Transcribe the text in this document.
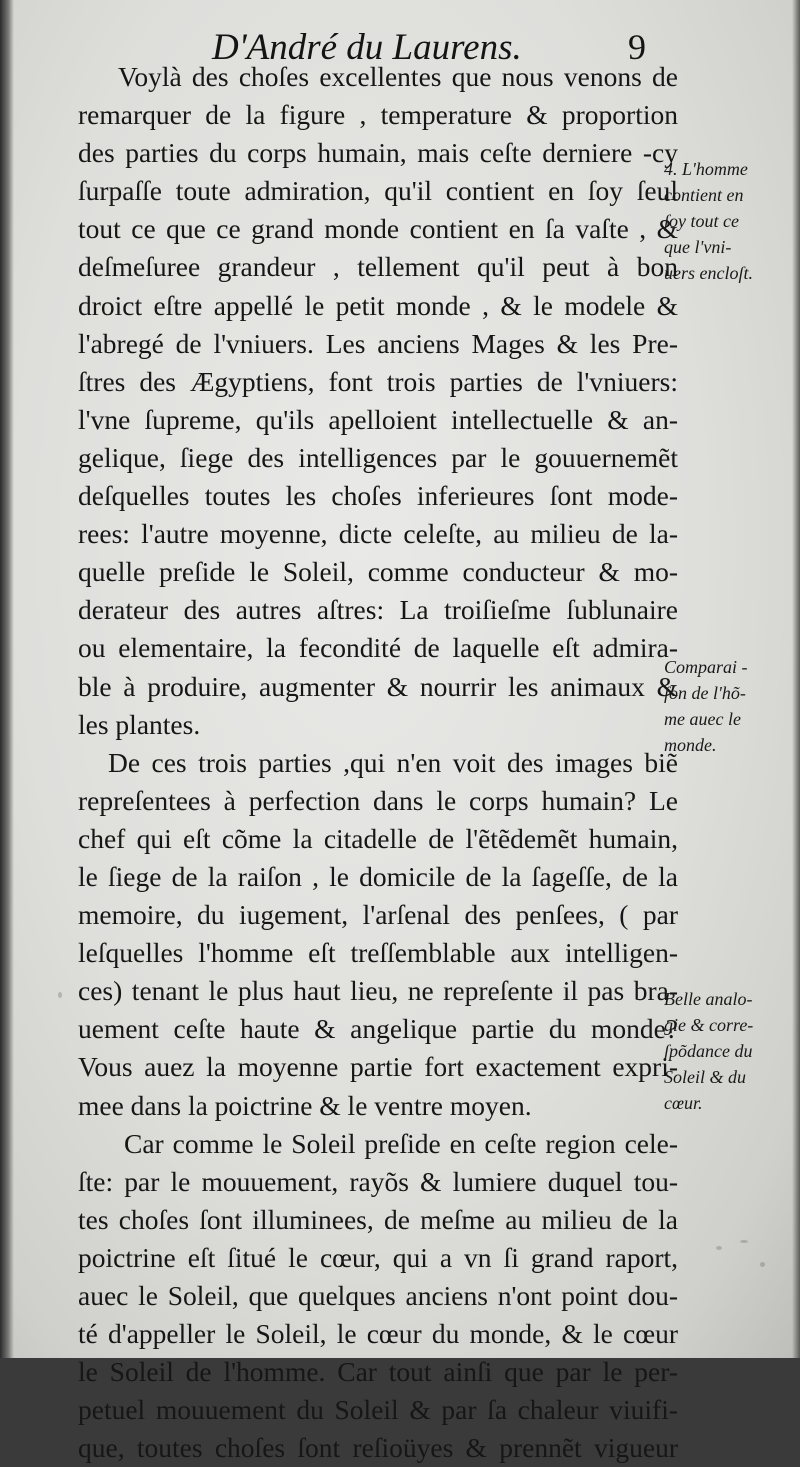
D'André du Laurens.	9
Voylà des choſes excellentes que nous venons de
remarquer de la figure , temperature & proportion
des parties du corps humain, mais ceſte derniere -cy
ſurpaſſe toute admiration, qu'il contient en ſoy ſeul
tout ce que ce grand monde contient en ſa vaſte , &
deſmeſuree grandeur , tellement qu'il peut à bon
droict eſtre appellé le petit monde , & le modele &
l'abregé de l'vniuers. Les anciens Mages & les Pre-
ſtres des Ægyptiens, font trois parties de l'vniuers:
l'vne ſupreme, qu'ils apelloient intellectuelle & an-
gelique, ſiege des intelligences par le gouuernemẽt
deſquelles toutes les choſes inferieures ſont mode-
rees: l'autre moyenne, dicte celeſte, au milieu de la-
quelle preſide le Soleil, comme conducteur & mo-
derateur des autres aſtres: La troiſieſme ſublunaire
ou elementaire, la fecondité de laquelle eſt admira-
ble à produire, augmenter & nourrir les animaux &
les plantes.
De ces trois parties ,qui n'en voit des images biẽ
repreſentees à perfection dans le corps humain? Le
chef qui eſt cõme la citadelle de l'ẽtẽdemẽt humain,
le ſiege de la raiſon , le domicile de la ſageſſe, de la
memoire, du iugement, l'arſenal des penſees, ( par
leſquelles l'homme eſt treſſemblable aux intelligen-
ces) tenant le plus haut lieu, ne repreſente il pas bra-
uement ceſte haute & angelique partie du monde?
Vous auez la moyenne partie fort exactement expri-
mee dans la poictrine & le ventre moyen.
Car comme le Soleil preſide en ceſte region cele-
ſte: par le mouuement, rayõs & lumiere duquel tou-
tes choſes ſont illuminees, de meſme au milieu de la
poictrine eſt ſitué le cœur, qui a vn ſi grand raport,
auec le Soleil, que quelques anciens n'ont point dou-
té d'appeller le Soleil, le cœur du monde, & le cœur
le Soleil de l'homme. Car tout ainſi que par le per-
petuel mouuement du Soleil & par ſa chaleur viuifi-
que, toutes choſes ſont reſioüyes & prennẽt vigueur
4. L'homme
contient en
ſoy tout ce
que l'vni-
uers encloſt.
Comparai -
ſon de l'hõ-
me auec le
monde.
Belle analo-
gie & corre-
ſpõdance du
Soleil & du
cœur.
